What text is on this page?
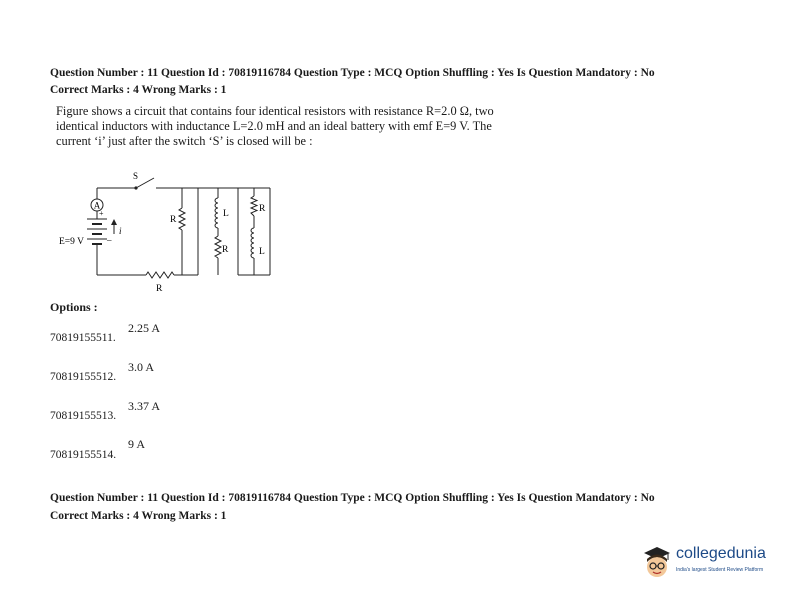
Question Number : 11 Question Id : 70819116784 Question Type : MCQ Option Shuffling : Yes Is Question Mandatory : No
Correct Marks : 4 Wrong Marks : 1

Figure shows a circuit that contains four identical resistors with resistance R=2.0 Ω, two

identical inductors with inductance L=2.0 mH and an ideal battery with emf E=9 V. The

current ‘i’ just after the switch ‘S’ is closed will be :

A
+
–
E=9 V
i
S
R
R
L
R
R
L
Options :
70819155511.
2.25 A
70819155512.
3.0 A
70819155513.
3.37 A
70819155514.
9 A
Question Number : 11 Question Id : 70819116784 Question Type : MCQ Option Shuffling : Yes Is Question Mandatory : No
Correct Marks : 4 Wrong Marks : 1
collegedunia
India's largest Student Review Platform
